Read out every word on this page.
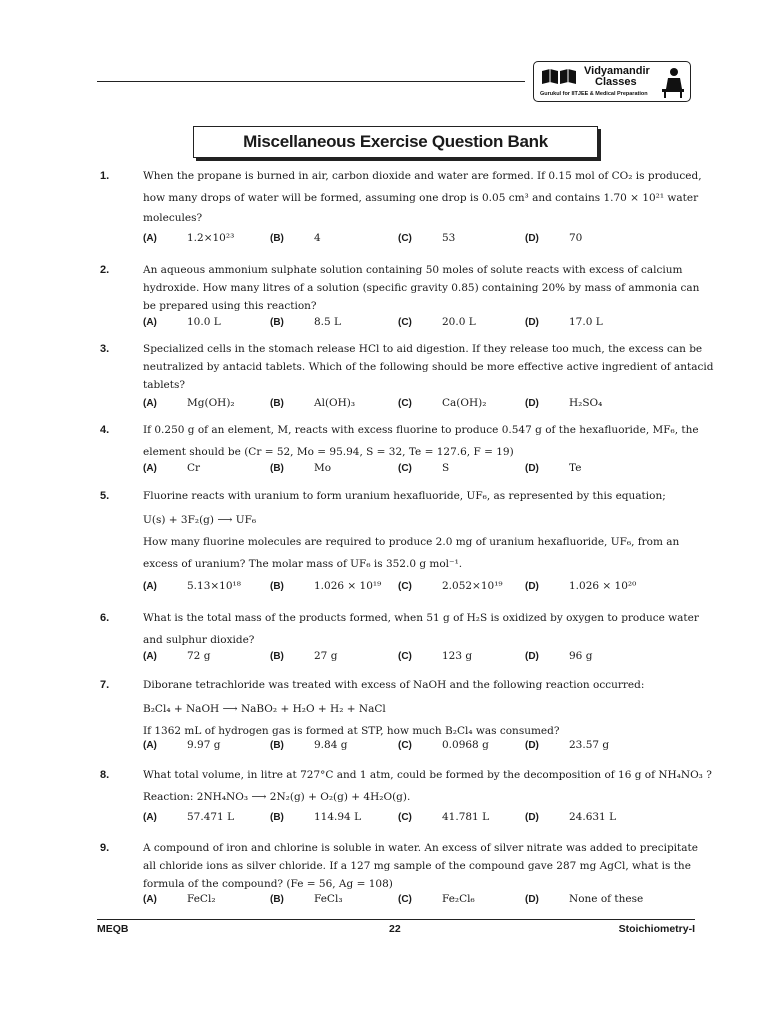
Vidyamandir
Classes
Gurukul for IITJEE & Medical Preparation
Miscellaneous Exercise Question Bank
1.	When the propane is burned in air, carbon dioxide and water are formed. If 0.15 mol of CO₂ is produced,
how many drops of water will be formed, assuming one drop is 0.05 cm³ and contains 1.70 × 10²¹ water
molecules?
(A)	1.2×10²³	(B)	4	(C)	53	(D)	70
2.	An aqueous ammonium sulphate solution containing 50 moles of solute reacts with excess of calcium
hydroxide. How many litres of a solution (specific gravity 0.85) containing 20% by mass of ammonia can
be prepared using this reaction?
(A)	10.0 L	(B)	8.5 L	(C)	20.0 L	(D)	17.0 L
3.	Specialized cells in the stomach release HCl to aid digestion. If they release too much, the excess can be
neutralized by antacid tablets. Which of the following should be more effective active ingredient of antacid
tablets?
(A)	Mg(OH)₂	(B)	Al(OH)₃	(C)	Ca(OH)₂	(D)	H₂SO₄
4.	If 0.250 g of an element, M, reacts with excess fluorine to produce 0.547 g of the hexafluoride, MF₆, the
element should be (Cr = 52, Mo = 95.94, S = 32, Te = 127.6, F = 19)
(A)	Cr	(B)	Mo	(C)	S	(D)	Te
5.	Fluorine reacts with uranium to form uranium hexafluoride, UF₆, as represented by this equation;
U(s) + 3F₂(g) ⟶ UF₆
How many fluorine molecules are required to produce 2.0 mg of uranium hexafluoride, UF₆, from an
excess of uranium? The molar mass of UF₆ is 352.0 g mol⁻¹.
(A)	5.13×10¹⁸	(B)	1.026 × 10¹⁹ (C)	2.052×10¹⁹ (D)	1.026 × 10²⁰
6.	What is the total mass of the products formed, when 51 g of H₂S is oxidized by oxygen to produce water
and sulphur dioxide?
(A)	72 g	(B)	27 g	(C)	123 g	(D)	96 g
7.	Diborane tetrachloride was treated with excess of NaOH and the following reaction occurred:
B₂Cl₄ + NaOH ⟶ NaBO₂ + H₂O + H₂ + NaCl
If 1362 mL of hydrogen gas is formed at STP, how much B₂Cl₄ was consumed?
(A)	9.97 g	(B)	9.84 g	(C)	0.0968 g	(D)	23.57 g
8.	What total volume, in litre at 727°C and 1 atm, could be formed by the decomposition of 16 g of NH₄NO₃ ?
Reaction: 2NH₄NO₃ ⟶ 2N₂(g) + O₂(g) + 4H₂O(g).
(A)	57.471 L	(B)	114.94 L	(C)	41.781 L	(D)	24.631 L
9.	A compound of iron and chlorine is soluble in water. An excess of silver nitrate was added to precipitate
all chloride ions as silver chloride. If a 127 mg sample of the compound gave 287 mg AgCl, what is the
formula of the compound? (Fe = 56, Ag = 108)
(A)	FeCl₂	(B)	FeCl₃	(C)	Fe₂Cl₆	(D)	None of these
MEQB	22	Stoichiometry-I
